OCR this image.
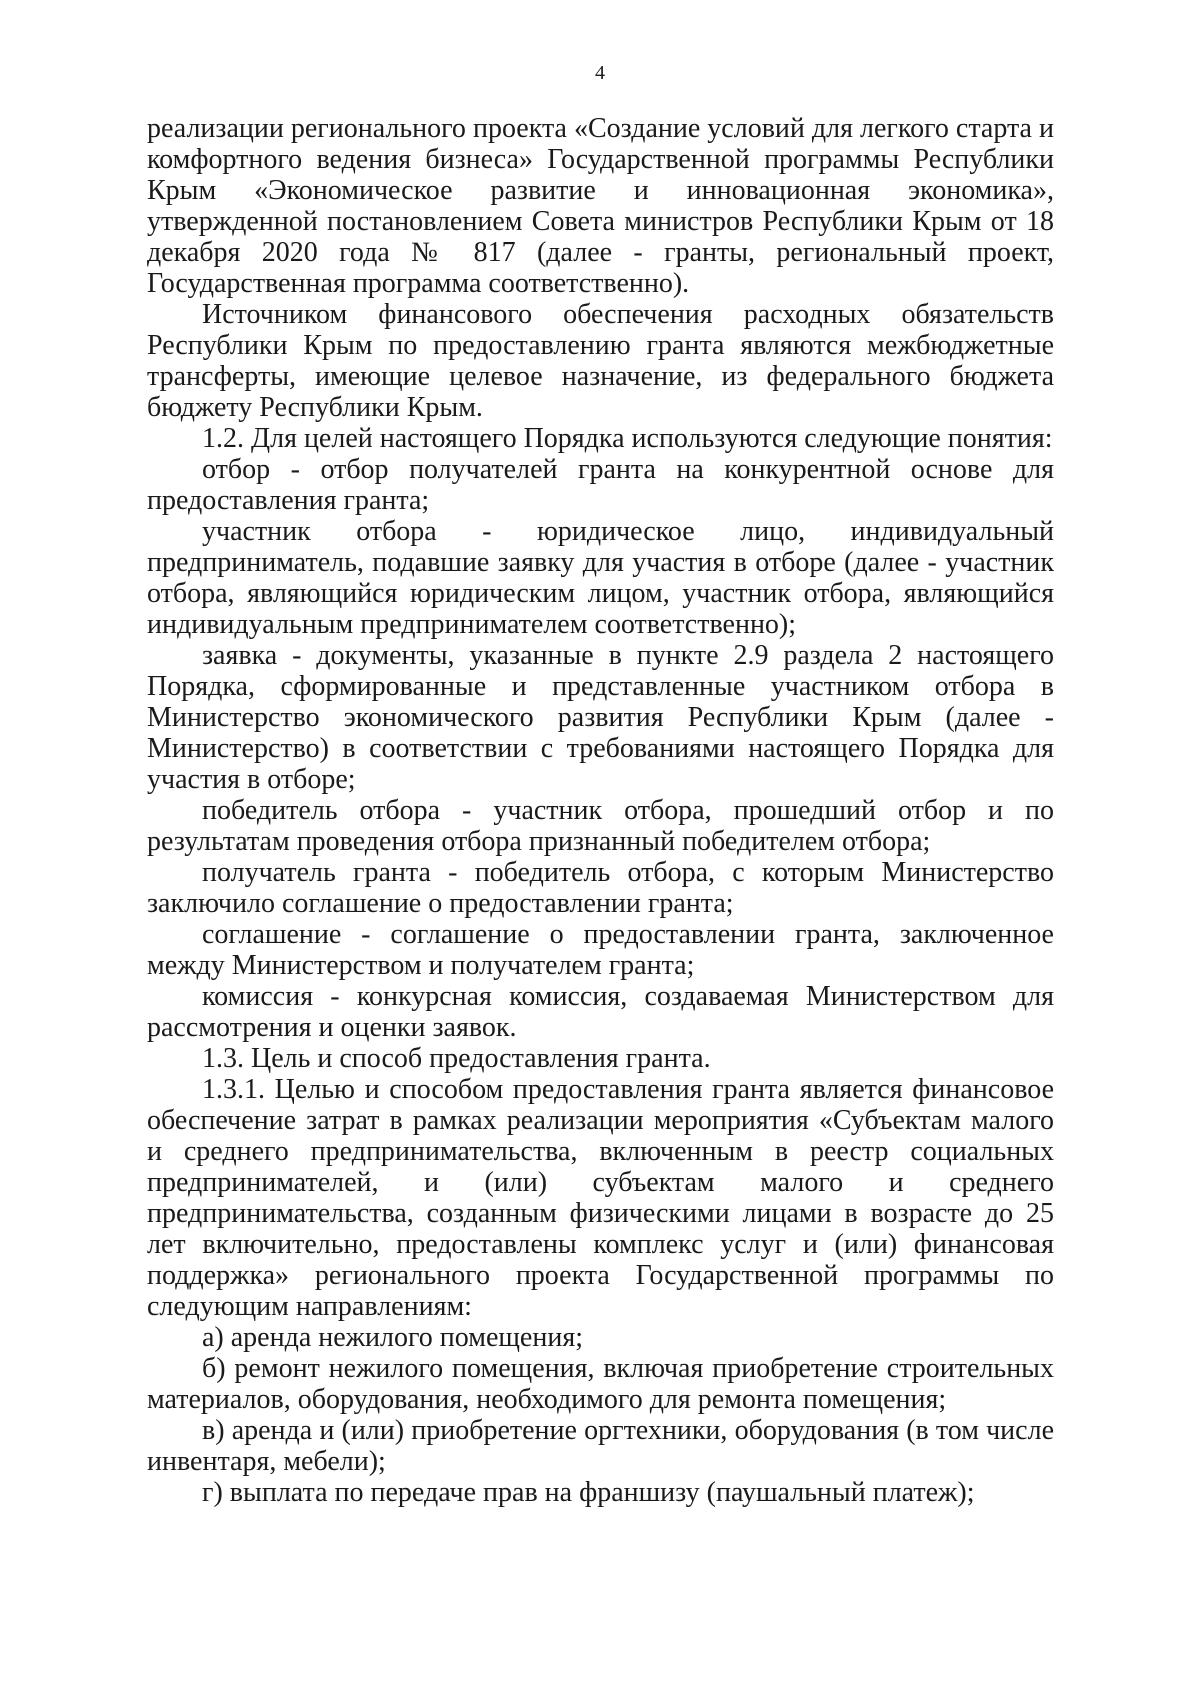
4

реализации регионального проекта «Создание условий для легкого старта и комфортного ведения бизнеса» Государственной программы Республики Крым «Экономическое развитие и инновационная экономика», утвержденной постановлением Совета министров Республики Крым от 18 декабря 2020 года № 817 (далее - гранты, региональный проект, Государственная программа соответственно).

Источником финансового обеспечения расходных обязательств Республики Крым по предоставлению гранта являются межбюджетные трансферты, имеющие целевое назначение, из федерального бюджета бюджету Республики Крым.

1.2. Для целей настоящего Порядка используются следующие понятия:

отбор - отбор получателей гранта на конкурентной основе для предоставления гранта;

участник отбора - юридическое лицо, индивидуальный предприниматель, подавшие заявку для участия в отборе (далее - участник отбора, являющийся юридическим лицом, участник отбора, являющийся индивидуальным предпринимателем соответственно);

заявка - документы, указанные в пункте 2.9 раздела 2 настоящего Порядка, сформированные и представленные участником отбора в Министерство экономического развития Республики Крым (далее - Министерство) в соответствии с требованиями настоящего Порядка для участия в отборе;

победитель отбора - участник отбора, прошедший отбор и по результатам проведения отбора признанный победителем отбора;

получатель гранта - победитель отбора, с которым Министерство заключило соглашение о предоставлении гранта;

соглашение - соглашение о предоставлении гранта, заключенное между Министерством и получателем гранта;

комиссия - конкурсная комиссия, создаваемая Министерством для рассмотрения и оценки заявок.

1.3. Цель и способ предоставления гранта.

1.3.1. Целью и способом предоставления гранта является финансовое обеспечение затрат в рамках реализации мероприятия «Субъектам малого и среднего предпринимательства, включенным в реестр социальных предпринимателей, и (или) субъектам малого и среднего предпринимательства, созданным физическими лицами в возрасте до 25 лет включительно, предоставлены комплекс услуг и (или) финансовая поддержка» регионального проекта Государственной программы по следующим направлениям:

а) аренда нежилого помещения;

б) ремонт нежилого помещения, включая приобретение строительных материалов, оборудования, необходимого для ремонта помещения;

в) аренда и (или) приобретение оргтехники, оборудования (в том числе инвентаря, мебели);

г) выплата по передаче прав на франшизу (паушальный платеж);
